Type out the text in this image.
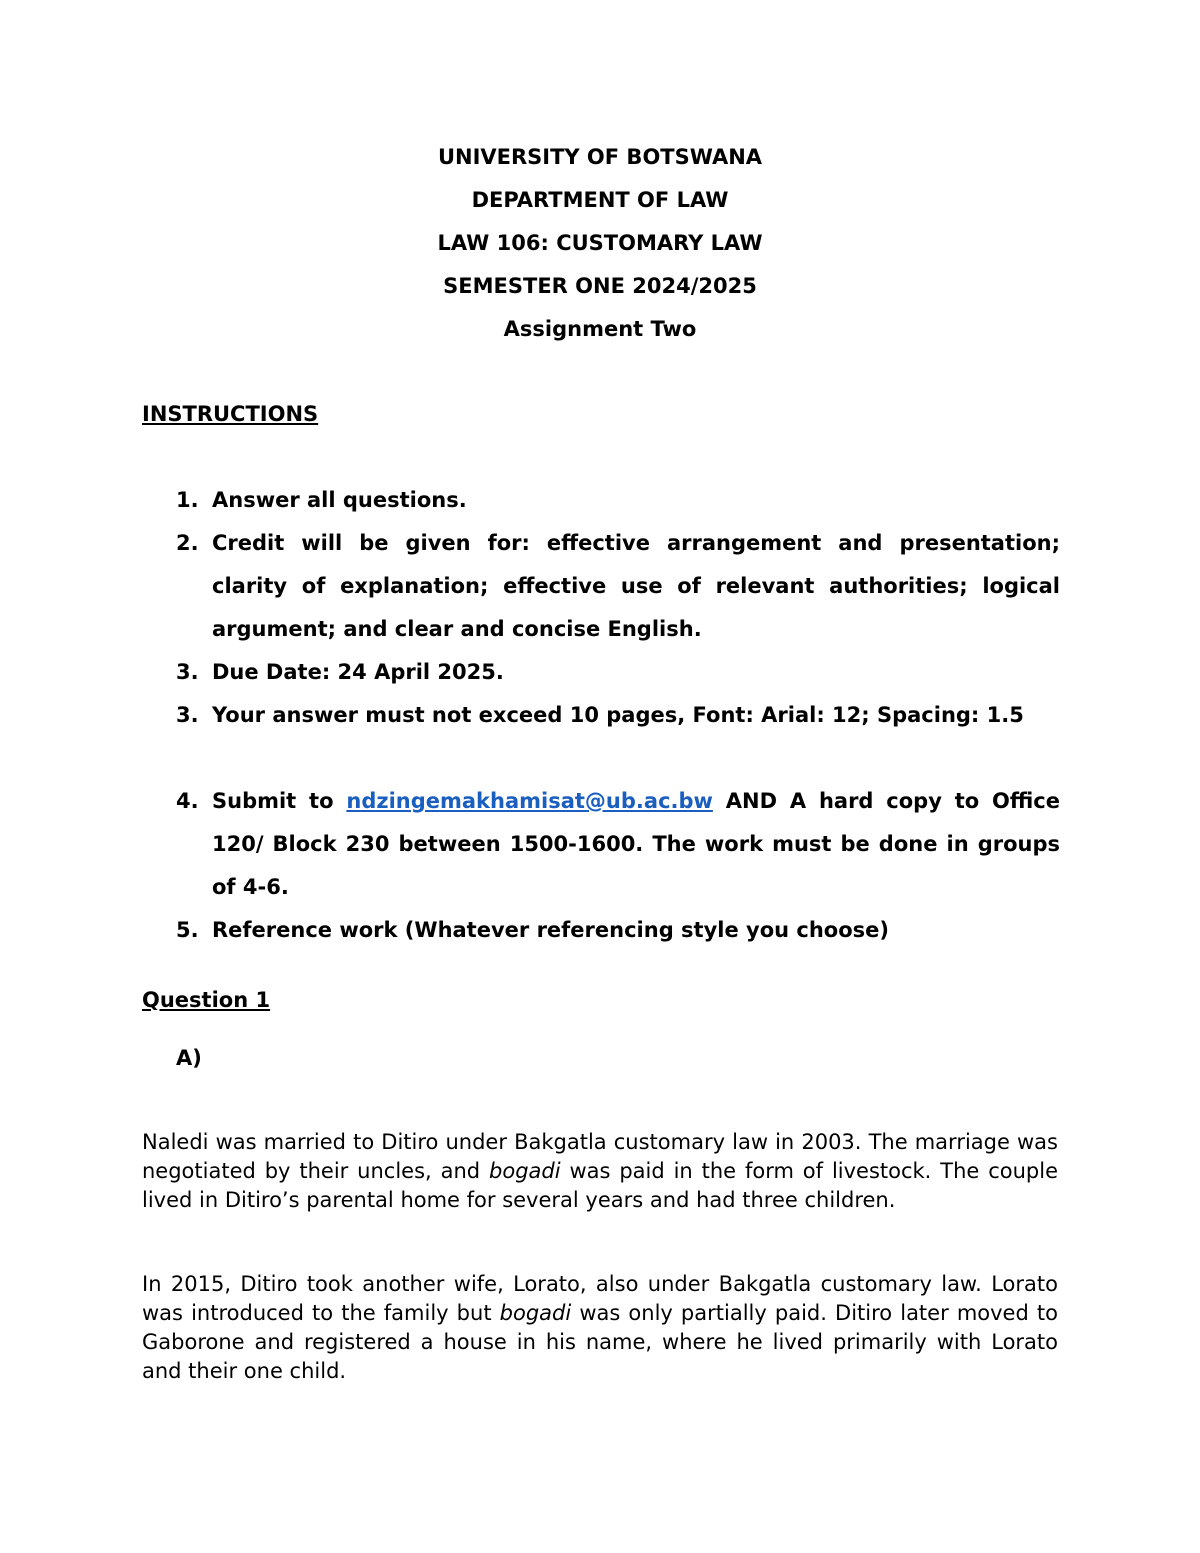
UNIVERSITY OF BOTSWANA
DEPARTMENT OF LAW
LAW 106: CUSTOMARY LAW
SEMESTER ONE 2024/2025
Assignment Two
INSTRUCTIONS
1. Answer all questions.
2. Credit will be given for: effective arrangement and presentation; clarity of explanation; effective use of relevant authorities; logical argument; and clear and concise English.
3. Due Date: 24 April 2025.
3. Your answer must not exceed 10 pages, Font: Arial: 12; Spacing: 1.5
4. Submit to ndzingemakhamisat@ub.ac.bw AND A hard copy to Office 120/ Block 230 between 1500-1600. The work must be done in groups of 4-6.
5. Reference work (Whatever referencing style you choose)
Question 1
A)

Naledi was married to Ditiro under Bakgatla customary law in 2003. The marriage was negotiated by their uncles, and bogadi was paid in the form of livestock. The couple lived in Ditiro’s parental home for several years and had three children.

In 2015, Ditiro took another wife, Lorato, also under Bakgatla customary law. Lorato was introduced to the family but bogadi was only partially paid. Ditiro later moved to Gaborone and registered a house in his name, where he lived primarily with Lorato and their one child.
